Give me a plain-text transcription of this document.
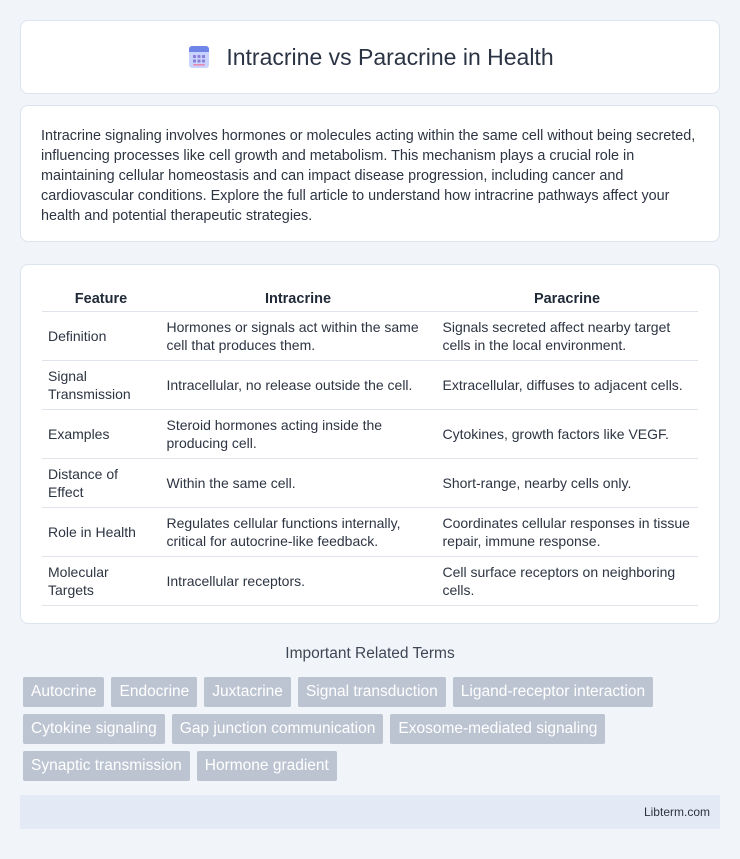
Intracrine vs Paracrine in Health

Intracrine signaling involves hormones or molecules acting within the same cell without being secreted, influencing processes like cell growth and metabolism. This mechanism plays a crucial role in maintaining cellular homeostasis and can impact disease progression, including cancer and cardiovascular conditions. Explore the full article to understand how intracrine pathways affect your health and potential therapeutic strategies.

Feature	Intracrine	Paracrine
Definition	Hormones or signals act within the same cell that produces them.	Signals secreted affect nearby target cells in the local environment.
Signal Transmission	Intracellular, no release outside the cell.	Extracellular, diffuses to adjacent cells.
Examples	Steroid hormones acting inside the producing cell.	Cytokines, growth factors like VEGF.
Distance of Effect	Within the same cell.	Short-range, nearby cells only.
Role in Health	Regulates cellular functions internally, critical for autocrine-like feedback.	Coordinates cellular responses in tissue repair, immune response.
Molecular Targets	Intracellular receptors.	Cell surface receptors on neighboring cells.
Important Related Terms
Autocrine	Endocrine	Juxtacrine	Signal transduction	Ligand-receptor interaction
Cytokine signaling	Gap junction communication	Exosome-mediated signaling
Synaptic transmission	Hormone gradient
Libterm.com
